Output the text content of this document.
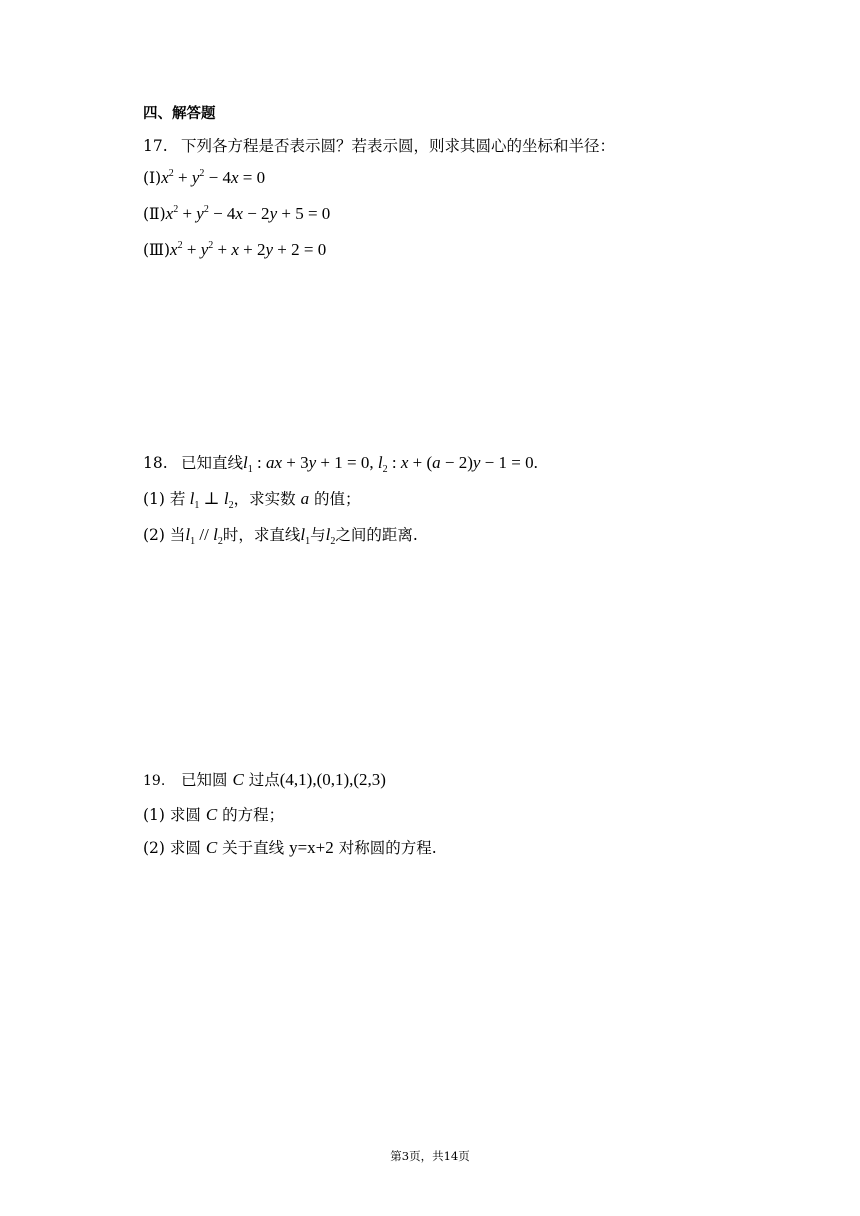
四、解答题
17. 下列各方程是否表示圆？若表示圆，则求其圆心的坐标和半径：
$(Ⅰ)x^2 + y^2 - 4x = 0$
$(Ⅱ)x^2 + y^2 - 4x - 2y + 5 = 0$
$(Ⅲ)x^2 + y^2 + x + 2y + 2 = 0$
18. 已知直线$l_1$ : ax + 3y + 1 = 0, $l_2$ : x + (a − 2)y − 1 = 0.
(1) 若 $l_1$ ⊥ $l_2$，求实数 a 的值；
(2) 当$l_1 // l_2$时，求直线$l_1$与$l_2$之间的距离.
19. 已知圆 C 过点(4,1),(0,1),(2,3)
(1) 求圆 C 的方程；
(2) 求圆 C 关于直线 y=x+2 对称圆的方程.
第3页，共14页
